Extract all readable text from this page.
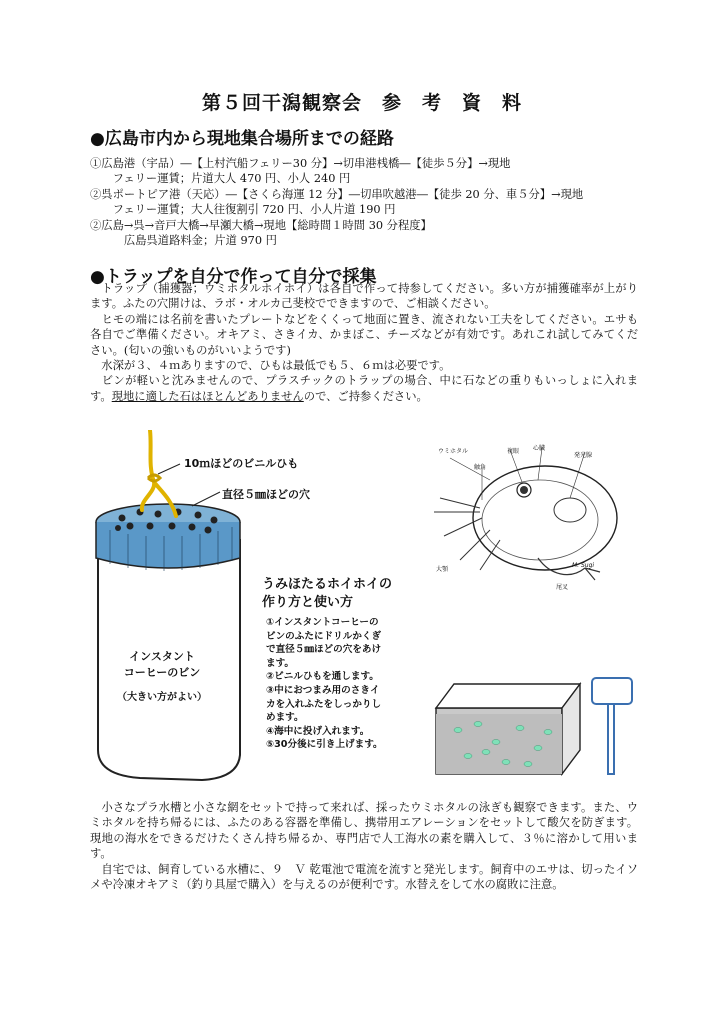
第５回干潟観察会　参　考　資　料
●広島市内から現地集合場所までの経路
①広島港（宇品）―【上村汽船フェリー30 分】→切串港桟橋―【徒歩５分】→現地
　　フェリー運賃；片道大人 470 円、小人 240 円
②呉ポートピア港（天応）―【さくら海運 12 分】―切串吹越港―【徒歩 20 分、車５分】→現地
　　フェリー運賃；大人往復割引 720 円、小人片道 190 円
②広島→呉→音戸大橋→早瀬大橋→現地【総時間１時間 30 分程度】
　　　広島呉道路料金；片道 970 円
●トラップを自分で作って自分で採集
　トラップ（捕獲器；ウミホタルホイホイ）は各自で作って持参してください。多い方が捕獲確率が上がります。ふたの穴開けは、ラボ・オルカ己斐校でできますので、ご相談ください。
　ヒモの端には名前を書いたプレートなどをくくって地面に置き、流されない工夫をしてください。エサも各自でご準備ください。オキアミ、さきイカ、かまぼこ、チーズなどが有効です。あれこれ試してみてください。(匂いの強いものがいいようです)
　水深が３、４ｍありますので、ひもは最低でも５、６ｍは必要です。
　ビンが軽いと沈みませんので、プラスチックのトラップの場合、中に石などの重りもいっしょに入れます。現地に適した石はほとんどありませんので、ご持参ください。
10ｍほどのビニルひも
直径５㎜ほどの穴
インスタント
コーヒーのビン
（大きい方がよい）
うみほたるホイホイの
作り方と使い方
①インスタントコーヒーの
ビンのふたにドリルかくぎ
で直径５㎜ほどの穴をあけ
ます。
②ビニルひもを通します。
③中におつまみ用のさきイ
カを入れふたをしっかりし
めます。
④海中に投げ入れます。
⑤30分後に引き上げます。
ウミホタル	複眼 心臓
発光腺
触角
大顎
尾叉
M. Sugi
　小さなプラ水槽と小さな網をセットで持って来れば、採ったウミホタルの泳ぎも観察できます。また、ウミホタルを持ち帰るには、ふたのある容器を準備し、携帯用エアレーションをセットして酸欠を防ぎます。現地の海水をできるだけたくさん持ち帰るか、専門店で人工海水の素を購入して、３％に溶かして用います。
　自宅では、飼育している水槽に、９　Ｖ 乾電池で電流を流すと発光します。飼育中のエサは、切ったイソメや冷凍オキアミ（釣り具屋で購入）を与えるのが便利です。水替えをして水の腐敗に注意。
